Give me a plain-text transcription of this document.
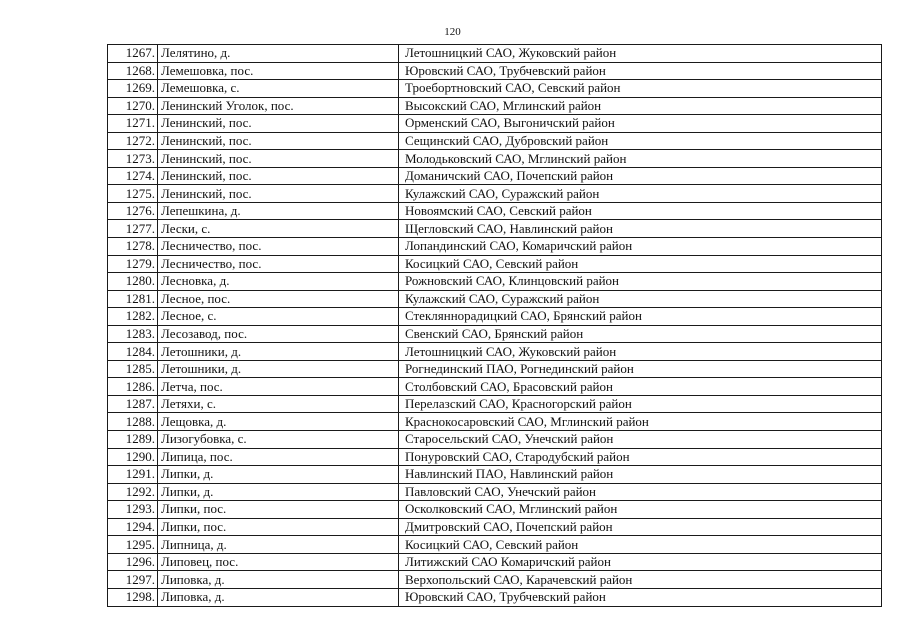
120
1267.	Лелятино, д.	Летошницкий САО, Жуковский район
1268.	Лемешовка, пос.	Юровский САО, Трубчевский район
1269.	Лемешовка, с.	Троебортновский САО, Севский район
1270.	Ленинский Уголок, пос.	Высокский САО, Мглинский район
1271.	Ленинский, пос.	Орменский САО, Выгоничский район
1272.	Ленинский, пос.	Сещинский САО, Дубровский район
1273.	Ленинский, пос.	Молодьковский САО, Мглинский район
1274.	Ленинский, пос.	Доманичский САО, Почепский район
1275.	Ленинский, пос.	Кулажский САО, Суражский район
1276.	Лепешкина, д.	Новоямский САО, Севский район
1277.	Лески, с.	Щегловский САО, Навлинский район
1278.	Лесничество, пос.	Лопандинский САО, Комаричский район
1279.	Лесничество, пос.	Косицкий САО, Севский район
1280.	Лесновка, д.	Рожновский САО, Клинцовский район
1281.	Лесное, пос.	Кулажский САО, Суражский район
1282.	Лесное, с.	Стекляннорадицкий САО, Брянский район
1283.	Лесозавод, пос.	Свенский САО, Брянский район
1284.	Летошники, д.	Летошницкий САО, Жуковский район
1285.	Летошники, д.	Рогнединский ПАО, Рогнединский район
1286.	Летча, пос.	Столбовский САО, Брасовский район
1287.	Летяхи, с.	Перелазский САО, Красногорский район
1288.	Лещовка, д.	Краснокосаровский САО, Мглинский район
1289.	Лизогубовка, с.	Старосельский САО, Унечский район
1290.	Липица, пос.	Понуровский САО, Стародубский район
1291.	Липки, д.	Навлинский ПАО, Навлинский район
1292.	Липки, д.	Павловский САО, Унечский район
1293.	Липки, пос.	Осколковский САО, Мглинский район
1294.	Липки, пос.	Дмитровский САО, Почепский район
1295.	Липница, д.	Косицкий САО, Севский район
1296.	Липовец, пос.	Литижский САО Комаричский район
1297.	Липовка, д.	Верхопольский САО, Карачевский район
1298.	Липовка, д.	Юровский САО, Трубчевский район
